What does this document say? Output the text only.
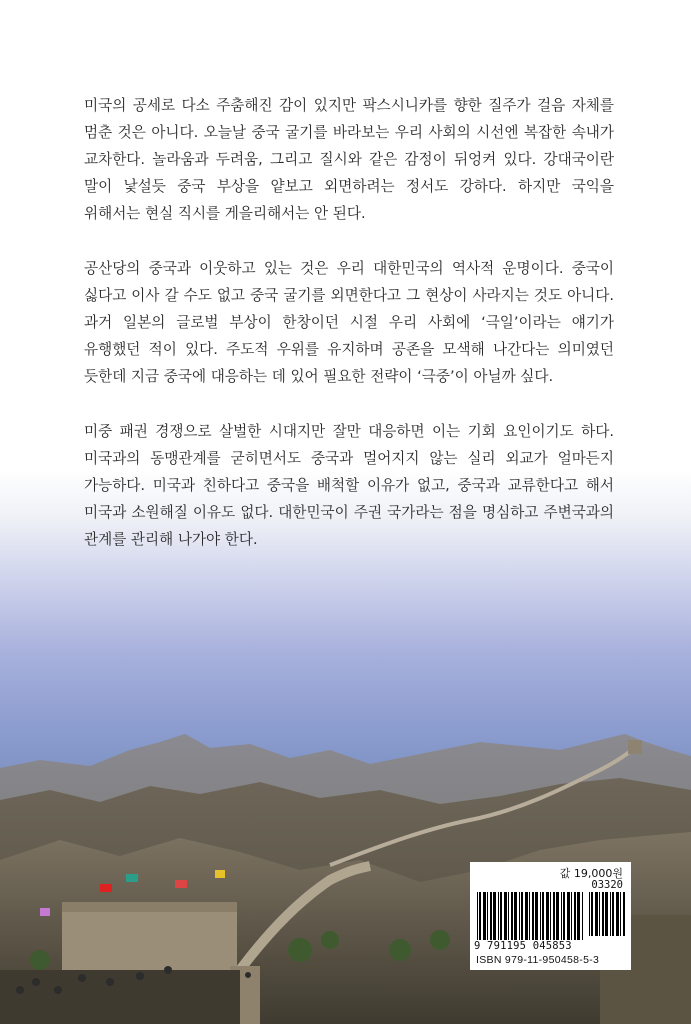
미국의 공세로 다소 주춤해진 감이 있지만 팍스시니카를 향한 질주가 걸음 자체를 멈춘 것은 아니다. 오늘날 중국 굴기를 바라보는 우리 사회의 시선엔 복잡한 속내가 교차한다. 놀라움과 두려움, 그리고 질시와 같은 감정이 뒤엉켜 있다. 강대국이란 말이 낯설듯 중국 부상을 얕보고 외면하려는 정서도 강하다. 하지만 국익을 위해서는 현실 직시를 게을리해서는 안 된다.

공산당의 중국과 이웃하고 있는 것은 우리 대한민국의 역사적 운명이다. 중국이 싫다고 이사 갈 수도 없고 중국 굴기를 외면한다고 그 현상이 사라지는 것도 아니다. 과거 일본의 글로벌 부상이 한창이던 시절 우리 사회에 ‘극일’이라는 얘기가 유행했던 적이 있다. 주도적 우위를 유지하며 공존을 모색해 나간다는 의미였던 듯한데 지금 중국에 대응하는 데 있어 필요한 전략이 ‘극중’이 아닐까 싶다.

미중 패권 경쟁으로 살벌한 시대지만 잘만 대응하면 이는 기회 요인이기도 하다. 미국과의 동맹관계를 굳히면서도 중국과 멀어지지 않는 실리 외교가 얼마든지 가능하다. 미국과 친하다고 중국을 배척할 이유가 없고, 중국과 교류한다고 해서 미국과 소원해질 이유도 없다. 대한민국이 주권 국가라는 점을 명심하고 주변국과의 관계를 관리해 나가야 한다.

값 19,000원
03320
9 791195 045853
ISBN 979-11-950458-5-3
